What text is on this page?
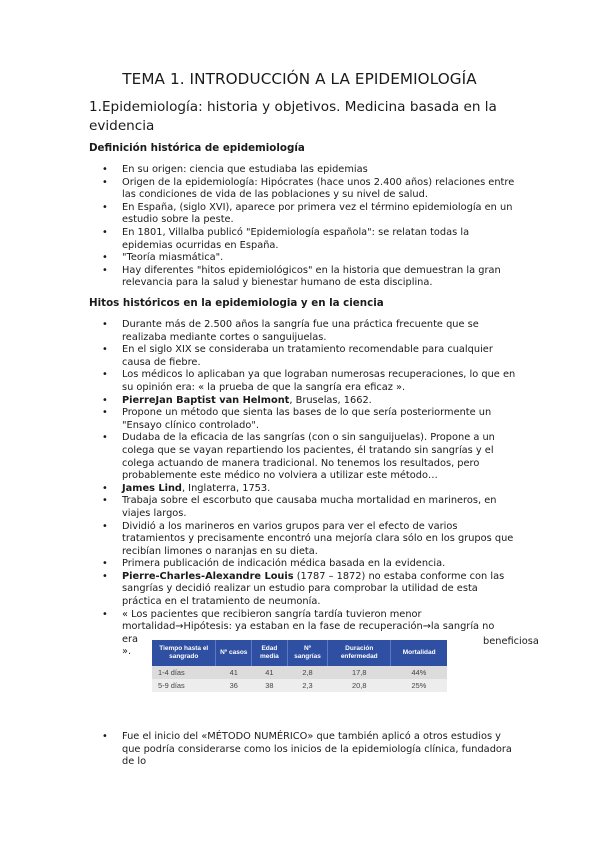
TEMA 1. INTRODUCCIÓN A LA EPIDEMIOLOGÍA
1.Epidemiología: historia y objetivos. Medicina basada en la evidencia
Definición histórica de epidemiología
• En su origen: ciencia que estudiaba las epidemias
• Origen de la epidemiología: Hipócrates (hace unos 2.400 años) relaciones entre las condiciones de vida de las poblaciones y su nivel de salud.
• En España, (siglo XVI), aparece por primera vez el término epidemiología en un estudio sobre la peste.
• En 1801, Villalba publicó "Epidemiología española": se relatan todas la epidemias ocurridas en España.
• "Teoría miasmática".
• Hay diferentes "hitos epidemiológicos" en la historia que demuestran la gran relevancia para la salud y bienestar humano de esta disciplina.
Hitos históricos en la epidemiologia y en la ciencia
• Durante más de 2.500 años la sangría fue una práctica frecuente que se realizaba mediante cortes o sanguijuelas.
• En el siglo XIX se consideraba un tratamiento recomendable para cualquier causa de fiebre.
• Los médicos lo aplicaban ya que lograban numerosas recuperaciones, lo que en su opinión era: « la prueba de que la sangría era eficaz ».
• PierreJan Baptist van Helmont, Bruselas, 1662.
• Propone un método que sienta las bases de lo que sería posteriormente un "Ensayo clínico controlado".
• Dudaba de la eficacia de las sangrías (con o sin sanguijuelas). Propone a un colega que se vayan repartiendo los pacientes, él tratando sin sangrías y el colega actuando de manera tradicional. No tenemos los resultados, pero probablemente este médico no volviera a utilizar este método…
• James Lind, Inglaterra, 1753.
• Trabaja sobre el escorbuto que causaba mucha mortalidad en marineros, en viajes largos.
• Dividió a los marineros en varios grupos para ver el efecto de varios tratamientos y precisamente encontró una mejoría clara sólo en los grupos que recibían limones o naranjas en su dieta.
• Primera publicación de indicación médica basada en la evidencia.
• Pierre-Charles-Alexandre Louis (1787 – 1872) no estaba conforme con las sangrías y decidió realizar un estudio para comprobar la utilidad de esta práctica en el tratamiento de neumonía.
• « Los pacientes que recibieron sangría tardía tuvieron menor
mortalidad→Hipótesis: ya estaban en la fase de recuperación→la sangría no
era
».
beneficiosa
Tiempo hasta el sangrado	Nº casos	Edad media	Nº sangrías	Duración enfermedad	Mortalidad
1-4 días	41	41	2,8	17,8	44%
5-9 días	36	38	2,3	20,8	25%
• Fue el inicio del «MÉTODO NUMÉRICO» que también aplicó a otros estudios y que podría considerarse como los inicios de la epidemiología clínica, fundadora de lo
